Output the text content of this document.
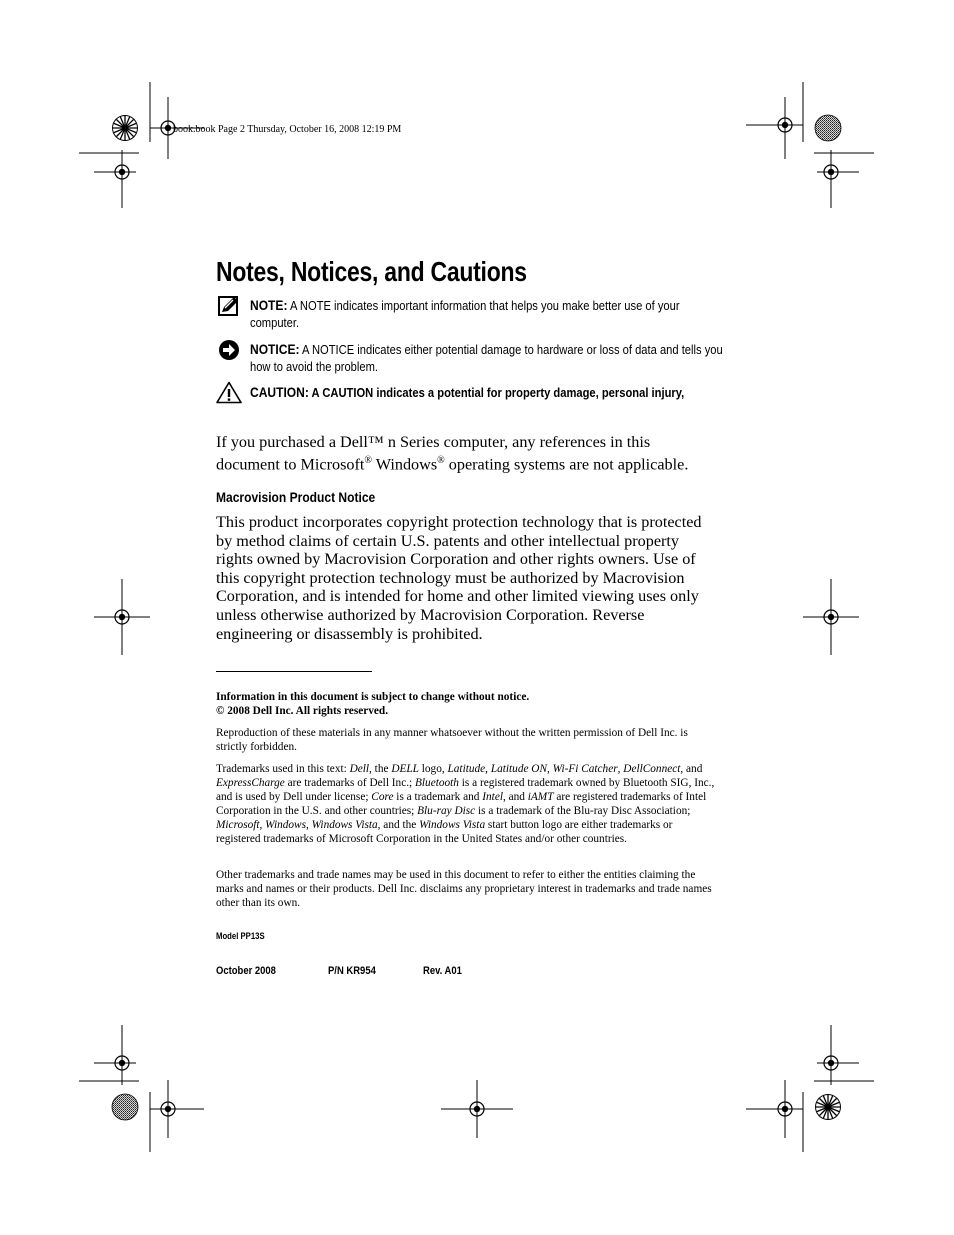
book.book Page 2 Thursday, October 16, 2008 12:19 PM
Notes, Notices, and Cautions
NOTE: A NOTE indicates important information that helps you make better use of your computer.
NOTICE: A NOTICE indicates either potential damage to hardware or loss of data and tells you how to avoid the problem.
CAUTION: A CAUTION indicates a potential for property damage, personal injury,
If you purchased a Dell™ n Series computer, any references in this document to Microsoft® Windows® operating systems are not applicable.
Macrovision Product Notice
This product incorporates copyright protection technology that is protected by method claims of certain U.S. patents and other intellectual property rights owned by Macrovision Corporation and other rights owners. Use of this copyright protection technology must be authorized by Macrovision Corporation, and is intended for home and other limited viewing uses only unless otherwise authorized by Macrovision Corporation. Reverse engineering or disassembly is prohibited.
Information in this document is subject to change without notice.
© 2008 Dell Inc. All rights reserved.
Reproduction of these materials in any manner whatsoever without the written permission of Dell Inc. is strictly forbidden.
Trademarks used in this text: Dell, the DELL logo, Latitude, Latitude ON, Wi-Fi Catcher, DellConnect, and ExpressCharge are trademarks of Dell Inc.; Bluetooth is a registered trademark owned by Bluetooth SIG, Inc., and is used by Dell under license; Core is a trademark and Intel, and iAMT are registered trademarks of Intel Corporation in the U.S. and other countries; Blu-ray Disc is a trademark of the Blu-ray Disc Association; Microsoft, Windows, Windows Vista, and the Windows Vista start button logo are either trademarks or registered trademarks of Microsoft Corporation in the United States and/or other countries.
Other trademarks and trade names may be used in this document to refer to either the entities claiming the marks and names or their products. Dell Inc. disclaims any proprietary interest in trademarks and trade names other than its own.
Model PP13S
October 2008	P/N KR954	Rev. A01
